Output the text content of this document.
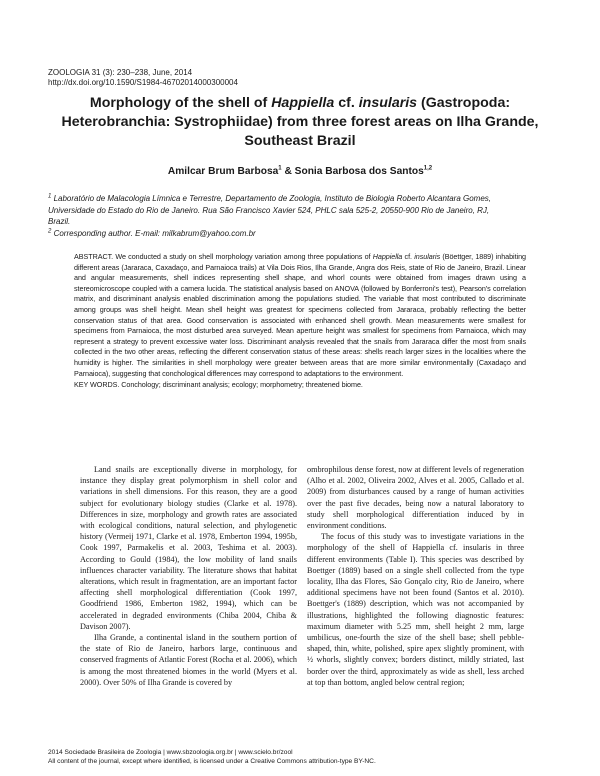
ZOOLOGIA 31 (3): 230–238, June, 2014
http://dx.doi.org/10.1590/S1984-46702014000300004
Morphology of the shell of Happiella cf. insularis (Gastropoda:
Heterobranchia: Systrophiidae) from three forest areas on Ilha Grande,
Southeast Brazil
Amilcar Brum Barbosa$^1$ & Sonia Barbosa dos Santos$^{1,2}$
$^1$ Laboratório de Malacologia Límnica e Terrestre, Departamento de Zoologia, Instituto de Biologia Roberto Alcantara Gomes,
Universidade do Estado do Rio de Janeiro. Rua São Francisco Xavier 524, PHLC sala 525-2, 20550-900 Rio de Janeiro, RJ,
Brazil.
$^2$ Corresponding author. E-mail: milkabrum@yahoo.com.br
ABSTRACT. We conducted a study on shell morphology variation among three populations of Happiella cf. insularis (Böettger, 1889) inhabiting different areas (Jararaca, Caxadaço, and Parnaioca trails) at Vila Dois Rios, Ilha Grande, Angra dos Reis, state of Rio de Janeiro, Brazil. Linear and angular measurements, shell indices representing shell shape, and whorl counts were obtained from images drawn using a stereomicroscope coupled with a camera lucida. The statistical analysis based on ANOVA (followed by Bonferroni's test), Pearson's correlation matrix, and discriminant analysis enabled discrimination among the populations studied. The variable that most contributed to discriminate among groups was shell height. Mean shell height was greatest for specimens collected from Jararaca, probably reflecting the better conservation status of that area. Good conservation is associated with enhanced shell growth. Mean measurements were smallest for specimens from Parnaioca, the most disturbed area surveyed. Mean aperture height was smallest for specimens from Parnaioca, which may represent a strategy to prevent excessive water loss. Discriminant analysis revealed that the snails from Jararaca differ the most from snails collected in the two other areas, reflecting the different conservation status of these areas: shells reach larger sizes in the localities where the humidity is higher. The similarities in shell morphology were greater between areas that are more similar environmentally (Caxadaço and Parnaioca), suggesting that conchological differences may correspond to adaptations to the environment.
KEY WORDS. Conchology; discriminant analysis; ecology; morphometry; threatened biome.

Land snails are exceptionally diverse in morphology, for instance they display great polymorphism in shell color and variations in shell dimensions. For this reason, they are a good subject for evolutionary biology studies (Clarke et al. 1978). Differences in size, morphology and growth rates are associated with ecological conditions, natural selection, and phylogenetic history (Vermeij 1971, Clarke et al. 1978, Emberton 1994, 1995b, Cook 1997, Parmakelis et al. 2003, Teshima et al. 2003). According to Gould (1984), the low mobility of land snails influences character variability. The literature shows that habitat alterations, which result in fragmentation, are an important factor affecting shell morphological differentiation (Cook 1997, Goodfriend 1986, Emberton 1982, 1994), which can be accelerated in degraded environments (Chiba 2004, Chiba & Davison 2007).

Ilha Grande, a continental island in the southern portion of the state of Rio de Janeiro, harbors large, continuous and conserved fragments of Atlantic Forest (Rocha et al. 2006), which is among the most threatened biomes in the world (Myers et al. 2000). Over 50% of Ilha Grande is covered by

ombrophilous dense forest, now at different levels of regeneration (Alho et al. 2002, Oliveira 2002, Alves et al. 2005, Callado et al. 2009) from disturbances caused by a range of human activities over the past five decades, being now a natural laboratory to study shell morphological differentiation induced by in environment conditions.

The focus of this study was to investigate variations in the morphology of the shell of Happiella cf. insularis in three different environments (Table I). This species was described by Boettger (1889) based on a single shell collected from the type locality, Ilha das Flores, São Gonçalo city, Rio de Janeiro, where additional specimens have not been found (Santos et al. 2010). Boettger's (1889) description, which was not accompanied by illustrations, highlighted the following diagnostic features: maximum diameter with 5.25 mm, shell height 2 mm, large umbilicus, one-fourth the size of the shell base; shell pebble-shaped, thin, white, polished, spire apex slightly prominent, with ½ whorls, slightly convex; borders distinct, mildly striated, last border over the third, approximately as wide as shell, less arched at top than bottom, angled below central region;

2014 Sociedade Brasileira de Zoologia | www.sbzoologia.org.br | www.scielo.br/zool
All content of the journal, except where identified, is licensed under a Creative Commons attribution-type BY-NC.
